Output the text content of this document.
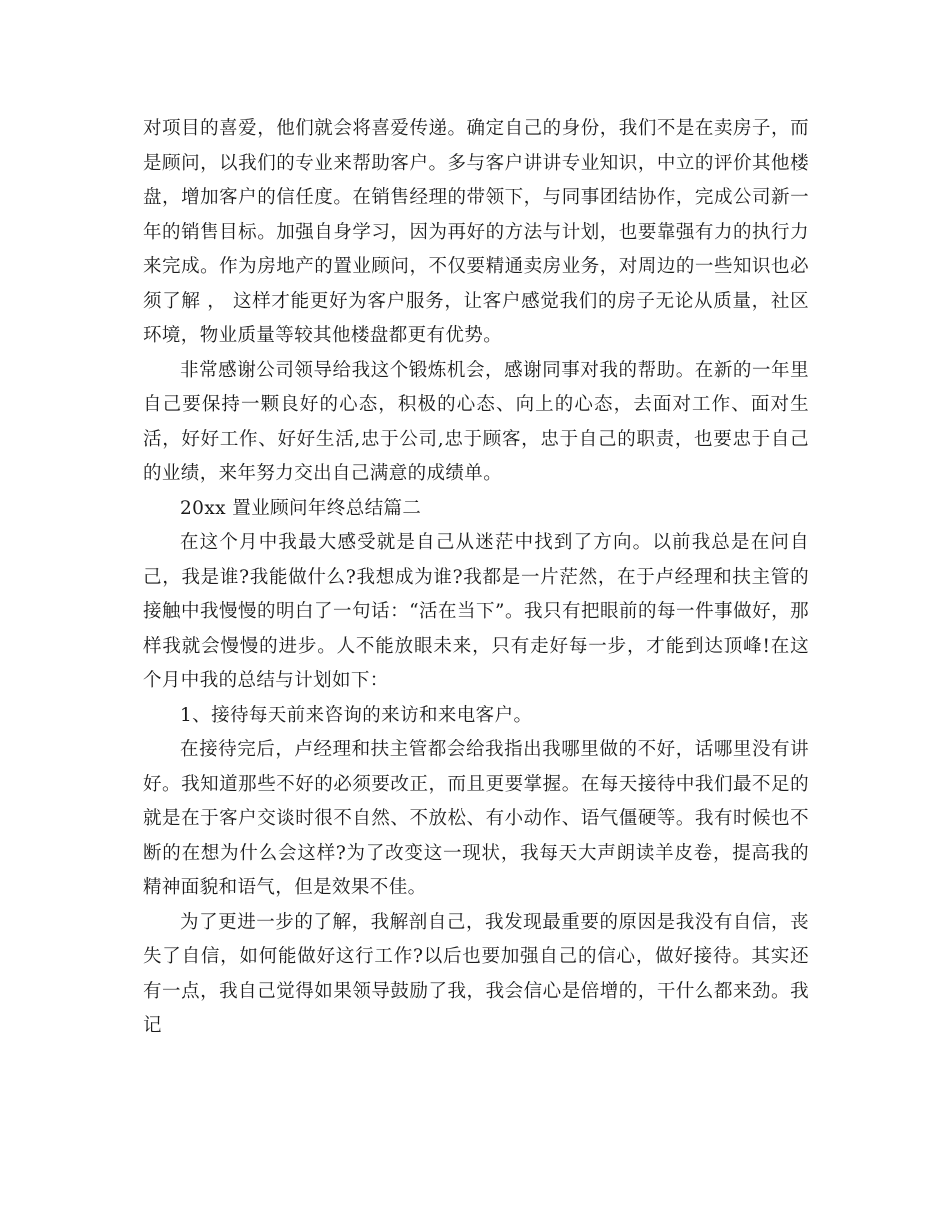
对项目的喜爱，他们就会将喜爱传递。确定自己的身份，我们不是在卖房子，而是顾问，以我们的专业来帮助客户。多与客户讲讲专业知识，中立的评价其他楼盘，增加客户的信任度。在销售经理的带领下，与同事团结协作，完成公司新一年的销售目标。加强自身学习，因为再好的方法与计划，也要靠强有力的执行力来完成。作为房地产的置业顾问，不仅要精通卖房业务，对周边的一些知识也必须了解 ， 这样才能更好为客户服务，让客户感觉我们的房子无论从质量，社区环境，物业质量等较其他楼盘都更有优势。

非常感谢公司领导给我这个锻炼机会，感谢同事对我的帮助。在新的一年里自己要保持一颗良好的心态，积极的心态、向上的心态，去面对工作、面对生活，好好工作、好好生活,忠于公司,忠于顾客，忠于自己的职责，也要忠于自己的业绩，来年努力交出自己满意的成绩单。

20xx 置业顾问年终总结篇二

在这个月中我最大感受就是自己从迷茫中找到了方向。以前我总是在问自己，我是谁?我能做什么?我想成为谁?我都是一片茫然，在于卢经理和扶主管的接触中我慢慢的明白了一句话：“活在当下”。我只有把眼前的每一件事做好，那样我就会慢慢的进步。人不能放眼未来，只有走好每一步，才能到达顶峰!在这个月中我的总结与计划如下：

1、接待每天前来咨询的来访和来电客户。

在接待完后，卢经理和扶主管都会给我指出我哪里做的不好，话哪里没有讲好。我知道那些不好的必须要改正，而且更要掌握。在每天接待中我们最不足的就是在于客户交谈时很不自然、不放松、有小动作、语气僵硬等。我有时候也不断的在想为什么会这样?为了改变这一现状，我每天大声朗读羊皮卷，提高我的精神面貌和语气，但是效果不佳。

为了更进一步的了解，我解剖自己，我发现最重要的原因是我没有自信，丧失了自信，如何能做好这行工作?以后也要加强自己的信心，做好接待。其实还有一点，我自己觉得如果领导鼓励了我，我会信心是倍增的，干什么都来劲。我记
